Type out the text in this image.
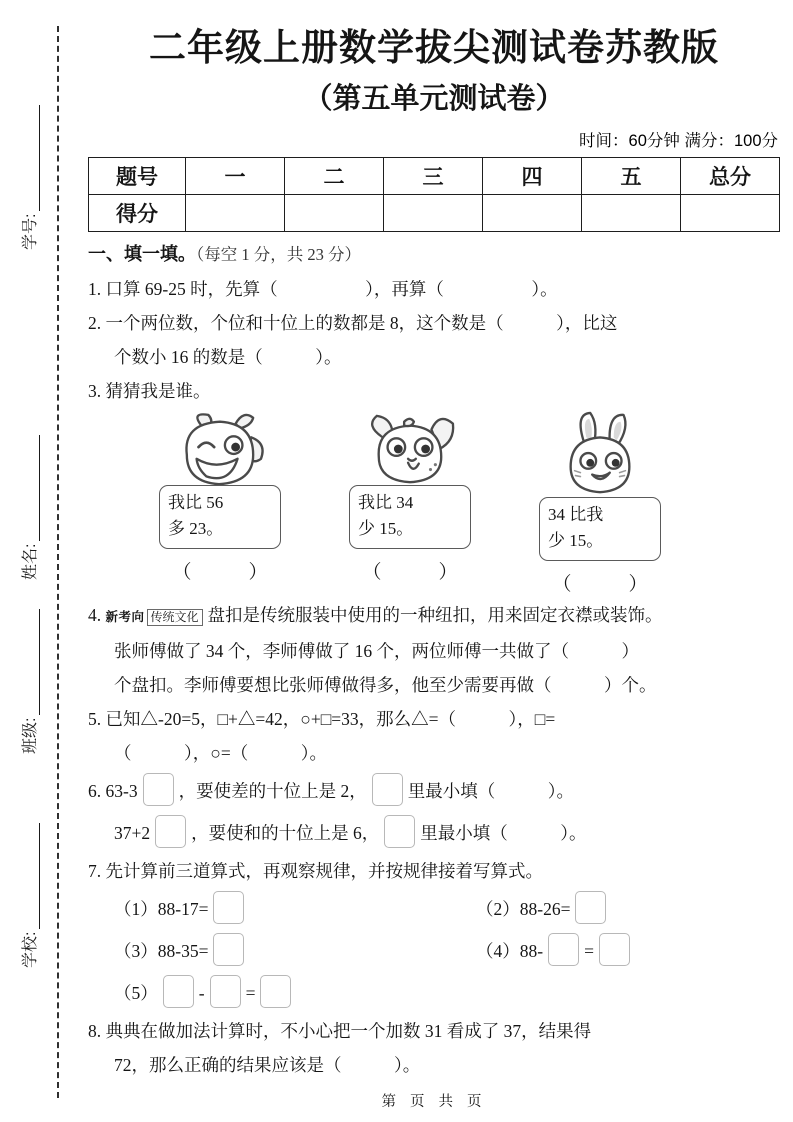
学号:
姓名:
班级:
学校:
二年级上册数学拔尖测试卷苏教版
（第五单元测试卷）
时间：60分钟 满分：100分
题号	一	二	三	四	五	总分
得分						
一、填一填。（每空 1 分，共 23 分）
1. 口算 69-25 时，先算（　　　　　），再算（　　　　　）。
2. 一个两位数，个位和十位上的数都是 8，这个数是（　　　），比这
个数小 16 的数是（　　　）。
3. 猜猜我是谁。
我比 56
多 23。
（　　　）
我比 34
少 15。
（　　　）
34 比我
少 15。
（　　　）
4. 新考向 传统文化 盘扣是传统服装中使用的一种纽扣，用来固定衣襟或装饰。
张师傅做了 34 个，李师傅做了 16 个，两位师傅一共做了（　　　）
个盘扣。李师傅要想比张师傅做得多，他至少需要再做（　　　）个。
5. 已知△-20=5，□+△=42，○+□=33，那么△=（　　　），□=
（　　　），○=（　　　）。
6. 63-3 ，要使差的十位上是 2， 里最小填（　　　）。
37+2 ，要使和的十位上是 6， 里最小填（　　　）。
7. 先计算前三道算式，再观察规律，并按规律接着写算式。
（1）88-17=	（2）88-26=
（3）88-35=	（4）88- =
（5） - =
8. 典典在做加法计算时，不小心把一个加数 31 看成了 37，结果得
72，那么正确的结果应该是（　　　）。
第 页 共 页
